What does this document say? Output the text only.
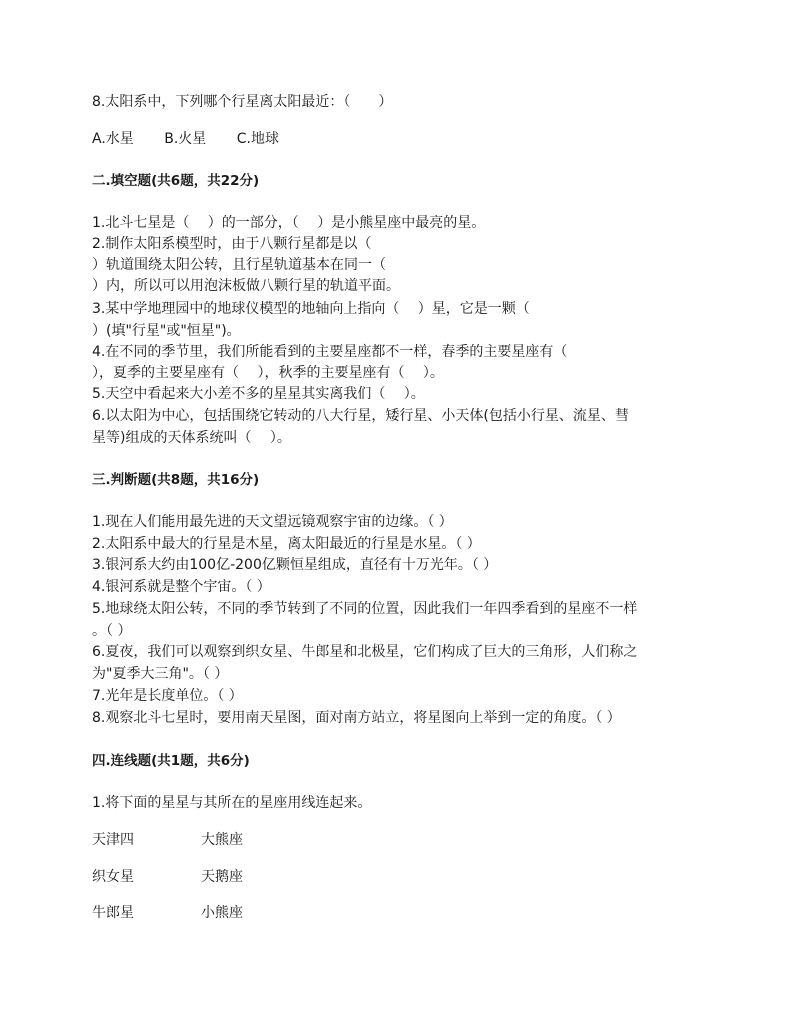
8.太阳系中，下列哪个行星离太阳最近：（　　）
A.水星 B.火星 C.地球
二.填空题(共6题，共22分)
1.北斗七星是（　 ）的一部分，（　 ）是小熊星座中最亮的星。
2.制作太阳系模型时，由于八颗行星都是以（
）轨道围绕太阳公转，且行星轨道基本在同一（
）内，所以可以用泡沫板做八颗行星的轨道平面。
3.某中学地理园中的地球仪模型的地轴向上指向（　 ）星，它是一颗（
）(填"行星"或"恒星")。
4.在不同的季节里，我们所能看到的主要星座都不一样，春季的主要星座有（
），夏季的主要星座有（　 ），秋季的主要星座有（　 ）。
5.天空中看起来大小差不多的星星其实离我们（　 ）。
6.以太阳为中心，包括围绕它转动的八大行星，矮行星、小天体(包括小行星、流星、彗
星等)组成的天体系统叫（　 ）。
三.判断题(共8题，共16分)
1.现在人们能用最先进的天文望远镜观察宇宙的边缘。（ ）
2.太阳系中最大的行星是木星，离太阳最近的行星是水星。（ ）
3.银河系大约由100亿-200亿颗恒星组成，直径有十万光年。（ ）
4.银河系就是整个宇宙。（ ）
5.地球绕太阳公转，不同的季节转到了不同的位置，因此我们一年四季看到的星座不一样
。（ ）
6.夏夜，我们可以观察到织女星、牛郎星和北极星，它们构成了巨大的三角形，人们称之
为"夏季大三角"。（ ）
7.光年是长度单位。（ ）
8.观察北斗七星时，要用南天星图，面对南方站立，将星图向上举到一定的角度。（ ）
四.连线题(共1题，共6分)
1.将下面的星星与其所在的星座用线连起来。
天津四	大熊座
织女星	天鹅座
牛郎星	小熊座
